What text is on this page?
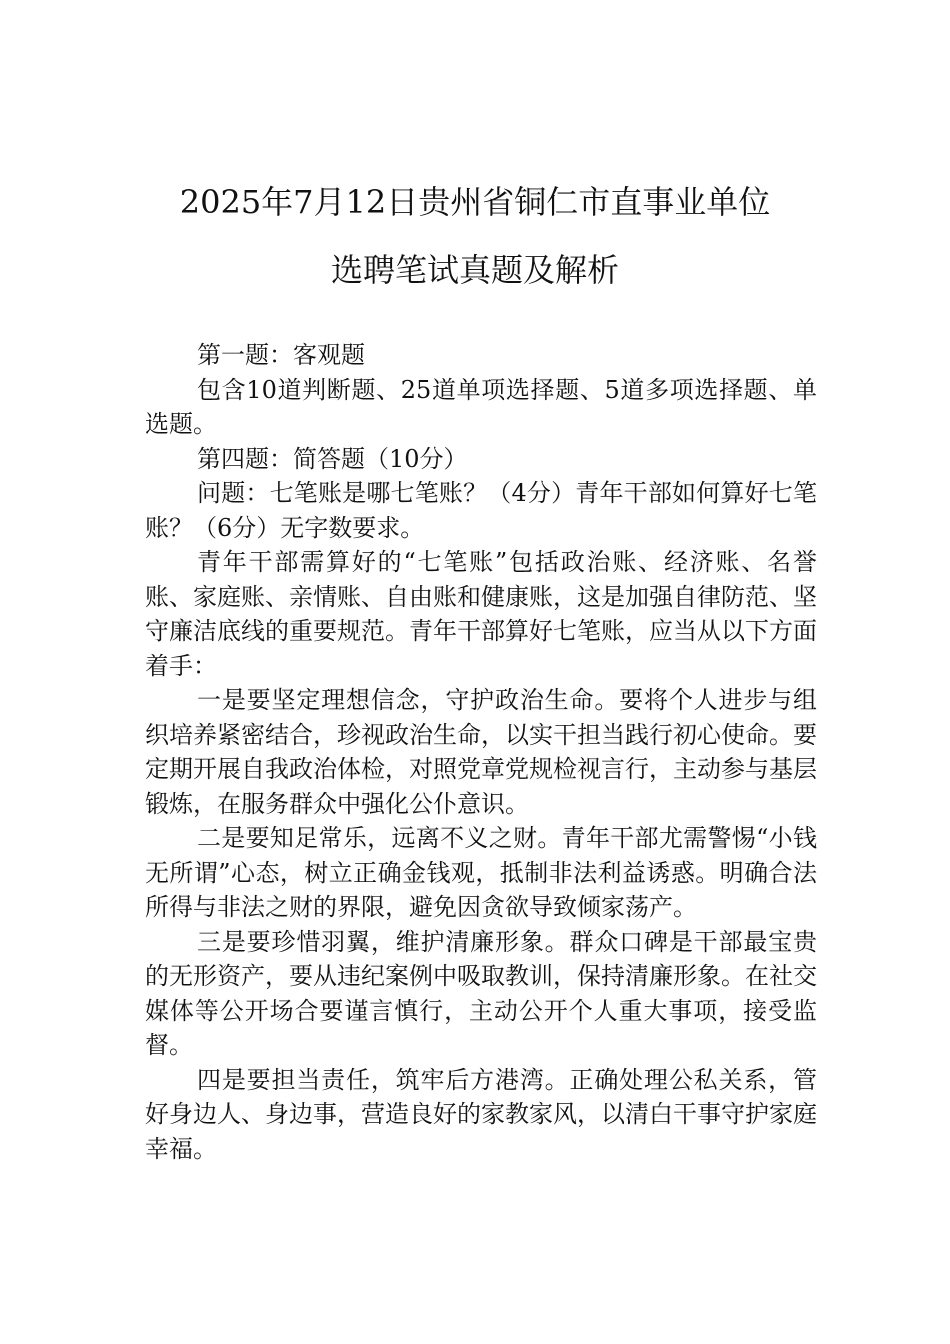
2025年7月12日贵州省铜仁市直事业单位
选聘笔试真题及解析

第一题：客观题

包含10道判断题、25道单项选择题、5道多项选择题、单选题。

第四题：简答题（10分）

问题：七笔账是哪七笔账？（4分）青年干部如何算好七笔账？（6分）无字数要求。

青年干部需算好的“七笔账”包括政治账、经济账、名誉账、家庭账、亲情账、自由账和健康账，这是加强自律防范、坚守廉洁底线的重要规范。青年干部算好七笔账，应当从以下方面着手：

一是要坚定理想信念，守护政治生命。要将个人进步与组织培养紧密结合，珍视政治生命，以实干担当践行初心使命。要定期开展自我政治体检，对照党章党规检视言行，主动参与基层锻炼，在服务群众中强化公仆意识。

二是要知足常乐，远离不义之财。青年干部尤需警惕“小钱无所谓”心态，树立正确金钱观，抵制非法利益诱惑。明确合法所得与非法之财的界限，避免因贪欲导致倾家荡产。

三是要珍惜羽翼，维护清廉形象。群众口碑是干部最宝贵的无形资产，要从违纪案例中吸取教训，保持清廉形象。在社交媒体等公开场合要谨言慎行，主动公开个人重大事项，接受监督。

四是要担当责任，筑牢后方港湾。正确处理公私关系，管好身边人、身边事，营造良好的家教家风，以清白干事守护家庭幸福。
